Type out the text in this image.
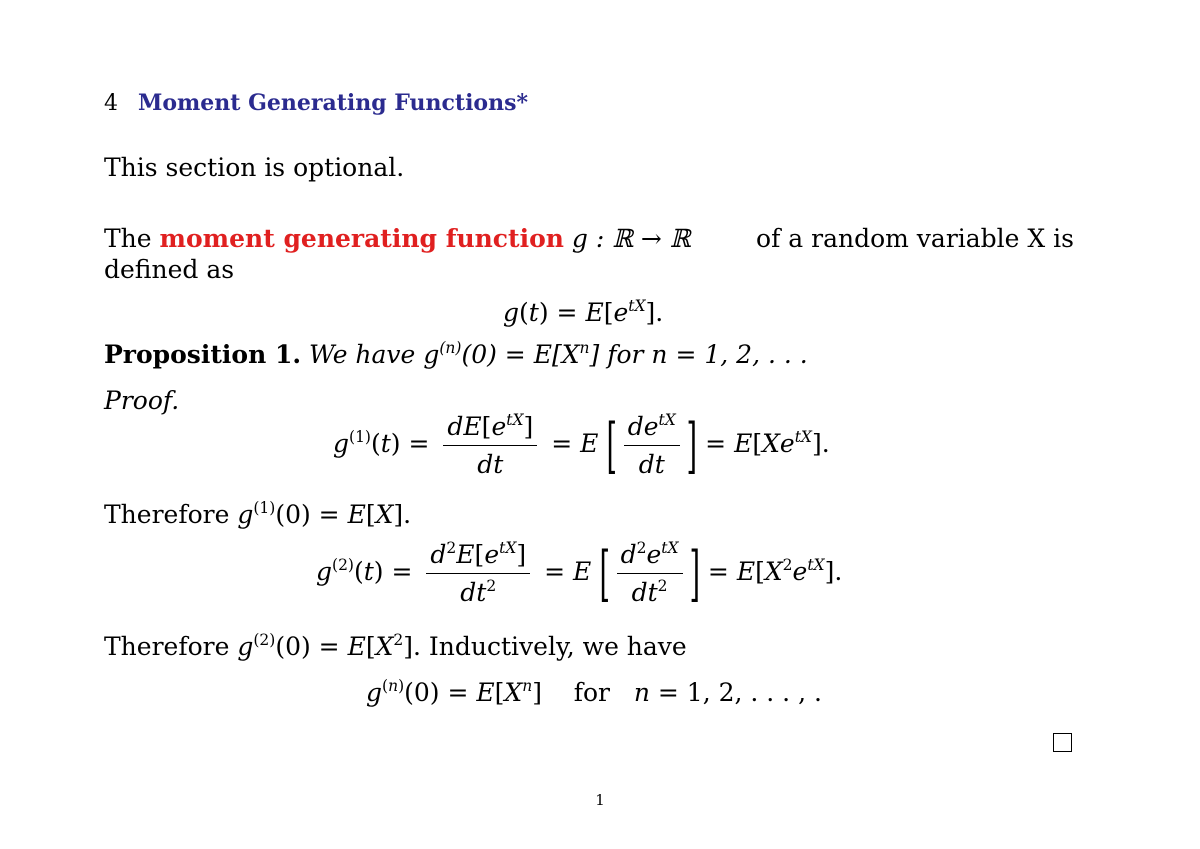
4 Moment Generating Functions*
This section is optional.
The moment generating function g : ℝ → ℝ	of a random variable X is
defined as
$g(t) = E[e^{tX}]$.
Proposition 1. We have $g^{(n)}(0) = E[X^n]$ for n = 1, 2, . . .
Proof.
$g^{(1)}(t) = \frac{dE[e^{tX}]}{dt} = E$ [ $\frac{de^{tX}}{dt}$ ] = $E[Xe^{tX}]$.
Therefore $g^{(1)}(0) = E[X]$.
$g^{(2)}(t) = \frac{d^2E[e^{tX}]}{dt^2} = E$ [ $\frac{d^2e^{tX}}{dt^2}$ ] = $E[X^2e^{tX}]$.
Therefore $g^{(2)}(0) = E[X^2]$. Inductively, we have
$g^{(n)}(0) = E[X^n]$    for   n = 1, 2, . . . , .
1
